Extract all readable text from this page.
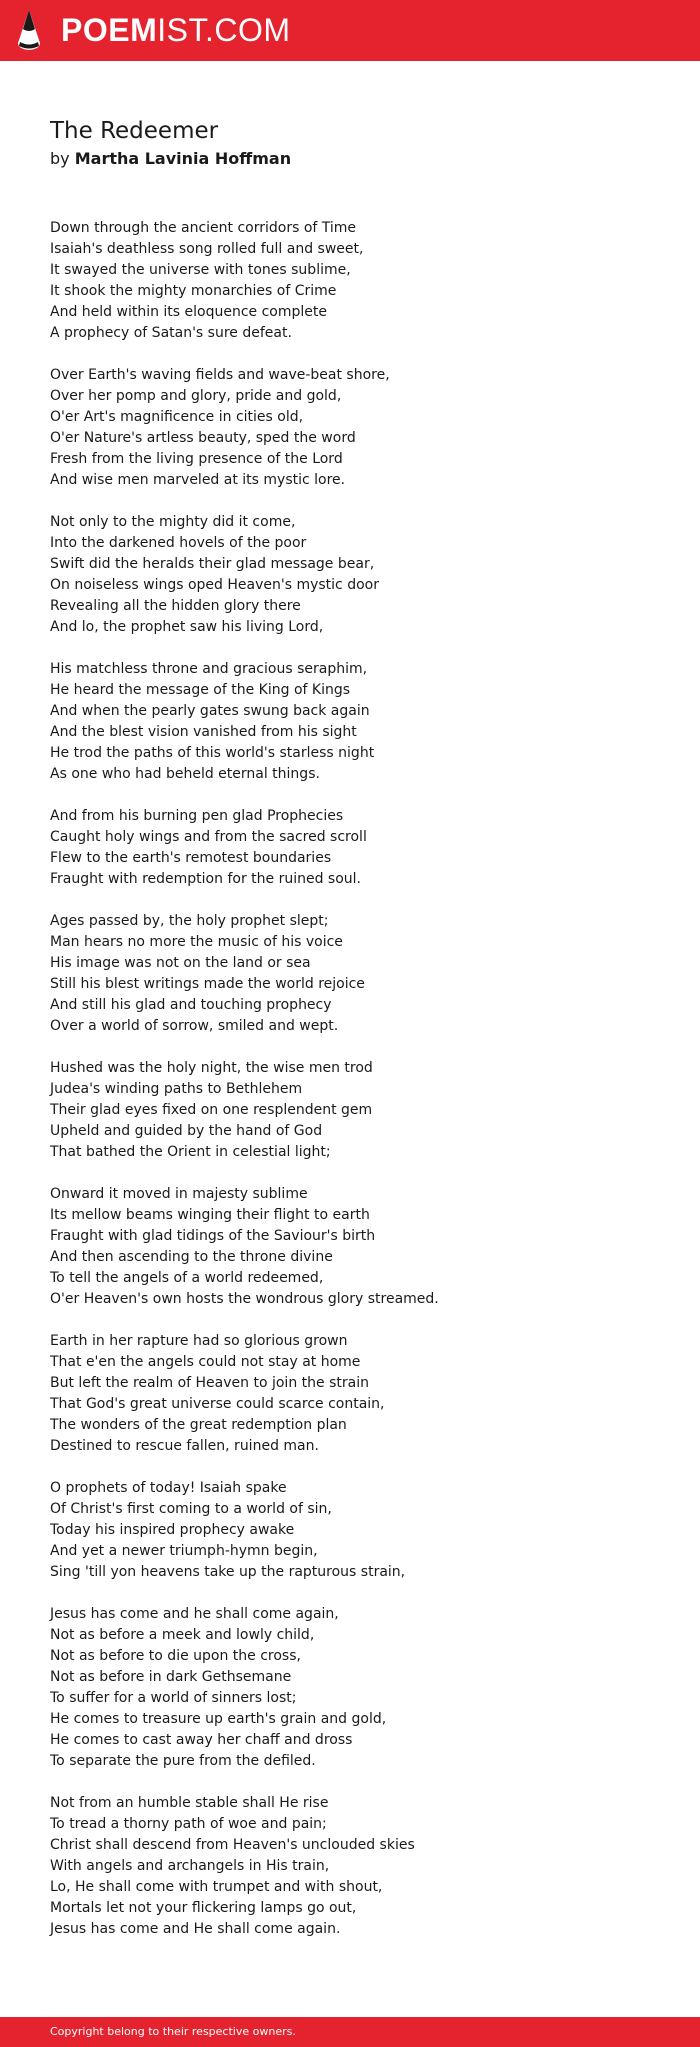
POEMIST.COM
The Redeemer
by Martha Lavinia Hoffman
Down through the ancient corridors of Time
Isaiah's deathless song rolled full and sweet,
It swayed the universe with tones sublime,
It shook the mighty monarchies of Crime
And held within its eloquence complete
A prophecy of Satan's sure defeat.
Over Earth's waving fields and wave-beat shore,
Over her pomp and glory, pride and gold,
O'er Art's magnificence in cities old,
O'er Nature's artless beauty, sped the word
Fresh from the living presence of the Lord
And wise men marveled at its mystic lore.
Not only to the mighty did it come,
Into the darkened hovels of the poor
Swift did the heralds their glad message bear,
On noiseless wings oped Heaven's mystic door
Revealing all the hidden glory there
And lo, the prophet saw his living Lord,
His matchless throne and gracious seraphim,
He heard the message of the King of Kings
And when the pearly gates swung back again
And the blest vision vanished from his sight
He trod the paths of this world's starless night
As one who had beheld eternal things.
And from his burning pen glad Prophecies
Caught holy wings and from the sacred scroll
Flew to the earth's remotest boundaries
Fraught with redemption for the ruined soul.
Ages passed by, the holy prophet slept;
Man hears no more the music of his voice
His image was not on the land or sea
Still his blest writings made the world rejoice
And still his glad and touching prophecy
Over a world of sorrow, smiled and wept.
Hushed was the holy night, the wise men trod
Judea's winding paths to Bethlehem
Their glad eyes fixed on one resplendent gem
Upheld and guided by the hand of God
That bathed the Orient in celestial light;
Onward it moved in majesty sublime
Its mellow beams winging their flight to earth
Fraught with glad tidings of the Saviour's birth
And then ascending to the throne divine
To tell the angels of a world redeemed,
O'er Heaven's own hosts the wondrous glory streamed.
Earth in her rapture had so glorious grown
That e'en the angels could not stay at home
But left the realm of Heaven to join the strain
That God's great universe could scarce contain,
The wonders of the great redemption plan
Destined to rescue fallen, ruined man.
O prophets of today! Isaiah spake
Of Christ's first coming to a world of sin,
Today his inspired prophecy awake
And yet a newer triumph-hymn begin,
Sing 'till yon heavens take up the rapturous strain,
Jesus has come and he shall come again,
Not as before a meek and lowly child,
Not as before to die upon the cross,
Not as before in dark Gethsemane
To suffer for a world of sinners lost;
He comes to treasure up earth's grain and gold,
He comes to cast away her chaff and dross
To separate the pure from the defiled.
Not from an humble stable shall He rise
To tread a thorny path of woe and pain;
Christ shall descend from Heaven's unclouded skies
With angels and archangels in His train,
Lo, He shall come with trumpet and with shout,
Mortals let not your flickering lamps go out,
Jesus has come and He shall come again.
Copyright belong to their respective owners.
